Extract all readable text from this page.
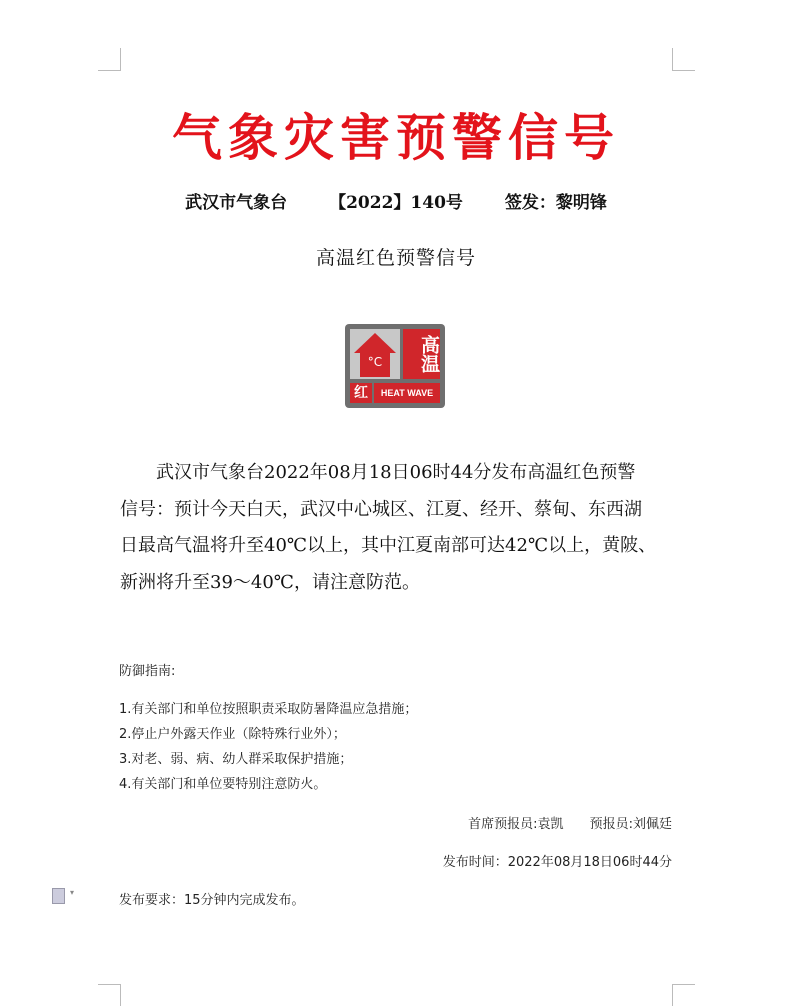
气象灾害预警信号
武汉市气象台 【2022】140号 签发：黎明锋
高温红色预警信号
°C	高温
红	HEAT WAVE
武汉市气象台2022年08月18日06时44分发布高温红色预警
信号：预计今天白天，武汉中心城区、江夏、经开、蔡甸、东西湖
日最高气温将升至40℃以上，其中江夏南部可达42℃以上，黄陂、
新洲将升至39～40℃，请注意防范。
防御指南:
1.有关部门和单位按照职责采取防暑降温应急措施；
2.停止户外露天作业（除特殊行业外）；
3.对老、弱、病、幼人群采取保护措施；
4.有关部门和单位要特别注意防火。
首席预报员:袁凯 预报员:刘佩廷
发布时间：2022年08月18日06时44分
▾
发布要求：15分钟内完成发布。
